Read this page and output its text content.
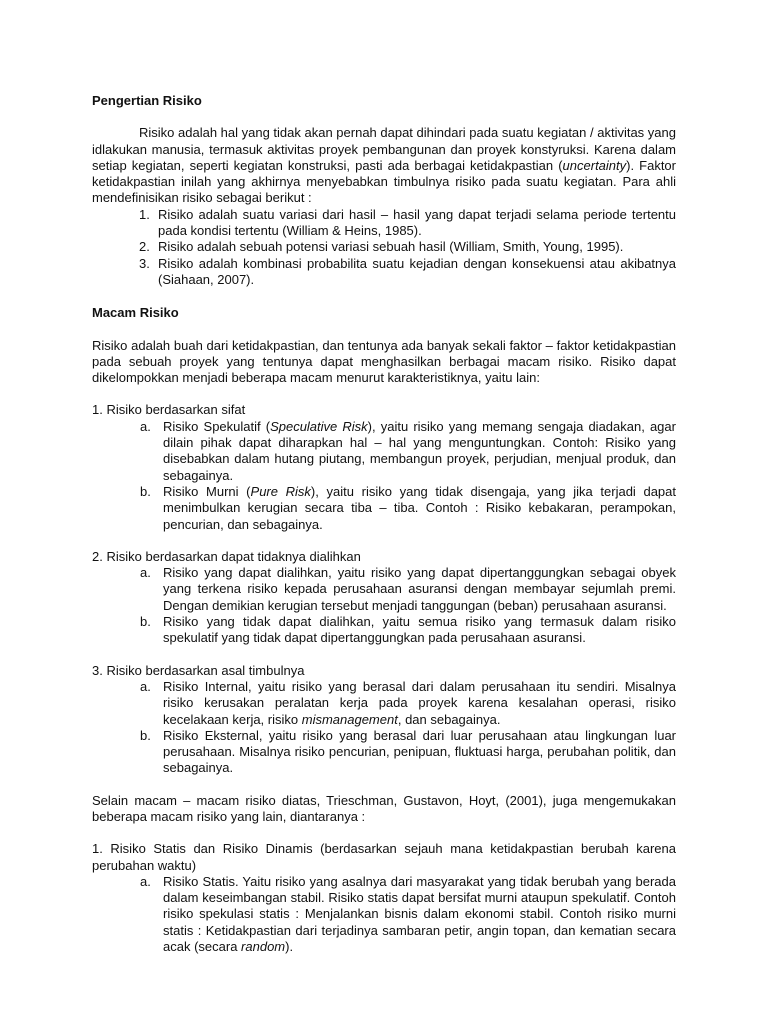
Pengertian Risiko

Risiko adalah hal yang tidak akan pernah dapat dihindari pada suatu kegiatan / aktivitas yang idlakukan manusia, termasuk aktivitas proyek pembangunan dan proyek konstyruksi. Karena dalam setiap kegiatan, seperti kegiatan konstruksi, pasti ada berbagai ketidakpastian (uncertainty). Faktor ketidakpastian inilah yang akhirnya menyebabkan timbulnya risiko pada suatu kegiatan. Para ahli mendefinisikan risiko sebagai berikut :

1. Risiko adalah suatu variasi dari hasil – hasil yang dapat terjadi selama periode tertentu pada kondisi tertentu (William & Heins, 1985).
2. Risiko adalah sebuah potensi variasi sebuah hasil (William, Smith, Young, 1995).
3. Risiko adalah kombinasi probabilita suatu kejadian dengan konsekuensi atau akibatnya (Siahaan, 2007).

Macam Risiko

Risiko adalah buah dari ketidakpastian, dan tentunya ada banyak sekali faktor – faktor ketidakpastian pada sebuah proyek yang tentunya dapat menghasilkan berbagai macam risiko. Risiko dapat dikelompokkan menjadi beberapa macam menurut karakteristiknya, yaitu lain:

1. Risiko berdasarkan sifat

a. Risiko Spekulatif (Speculative Risk), yaitu risiko yang memang sengaja diadakan, agar dilain pihak dapat diharapkan hal – hal yang menguntungkan. Contoh: Risiko yang disebabkan dalam hutang piutang, membangun proyek, perjudian, menjual produk, dan sebagainya.
b. Risiko Murni (Pure Risk), yaitu risiko yang tidak disengaja, yang jika terjadi dapat menimbulkan kerugian secara tiba – tiba. Contoh : Risiko kebakaran, perampokan, pencurian, dan sebagainya.

2. Risiko berdasarkan dapat tidaknya dialihkan

a. Risiko yang dapat dialihkan, yaitu risiko yang dapat dipertanggungkan sebagai obyek yang terkena risiko kepada perusahaan asuransi dengan membayar sejumlah premi. Dengan demikian kerugian tersebut menjadi tanggungan (beban) perusahaan asuransi.
b. Risiko yang tidak dapat dialihkan, yaitu semua risiko yang termasuk dalam risiko spekulatif yang tidak dapat dipertanggungkan pada perusahaan asuransi.

3. Risiko berdasarkan asal timbulnya

a. Risiko Internal, yaitu risiko yang berasal dari dalam perusahaan itu sendiri. Misalnya risiko kerusakan peralatan kerja pada proyek karena kesalahan operasi, risiko kecelakaan kerja, risiko mismanagement, dan sebagainya.
b. Risiko Eksternal, yaitu risiko yang berasal dari luar perusahaan atau lingkungan luar perusahaan. Misalnya risiko pencurian, penipuan, fluktuasi harga, perubahan politik, dan sebagainya.

Selain macam – macam risiko diatas, Trieschman, Gustavon, Hoyt, (2001), juga mengemukakan beberapa macam risiko yang lain, diantaranya :

1. Risiko Statis dan Risiko Dinamis (berdasarkan sejauh mana ketidakpastian berubah karena perubahan waktu)

a. Risiko Statis. Yaitu risiko yang asalnya dari masyarakat yang tidak berubah yang berada dalam keseimbangan stabil. Risiko statis dapat bersifat murni ataupun spekulatif. Contoh risiko spekulasi statis : Menjalankan bisnis dalam ekonomi stabil. Contoh risiko murni statis : Ketidakpastian dari terjadinya sambaran petir, angin topan, dan kematian secara acak (secara random).
